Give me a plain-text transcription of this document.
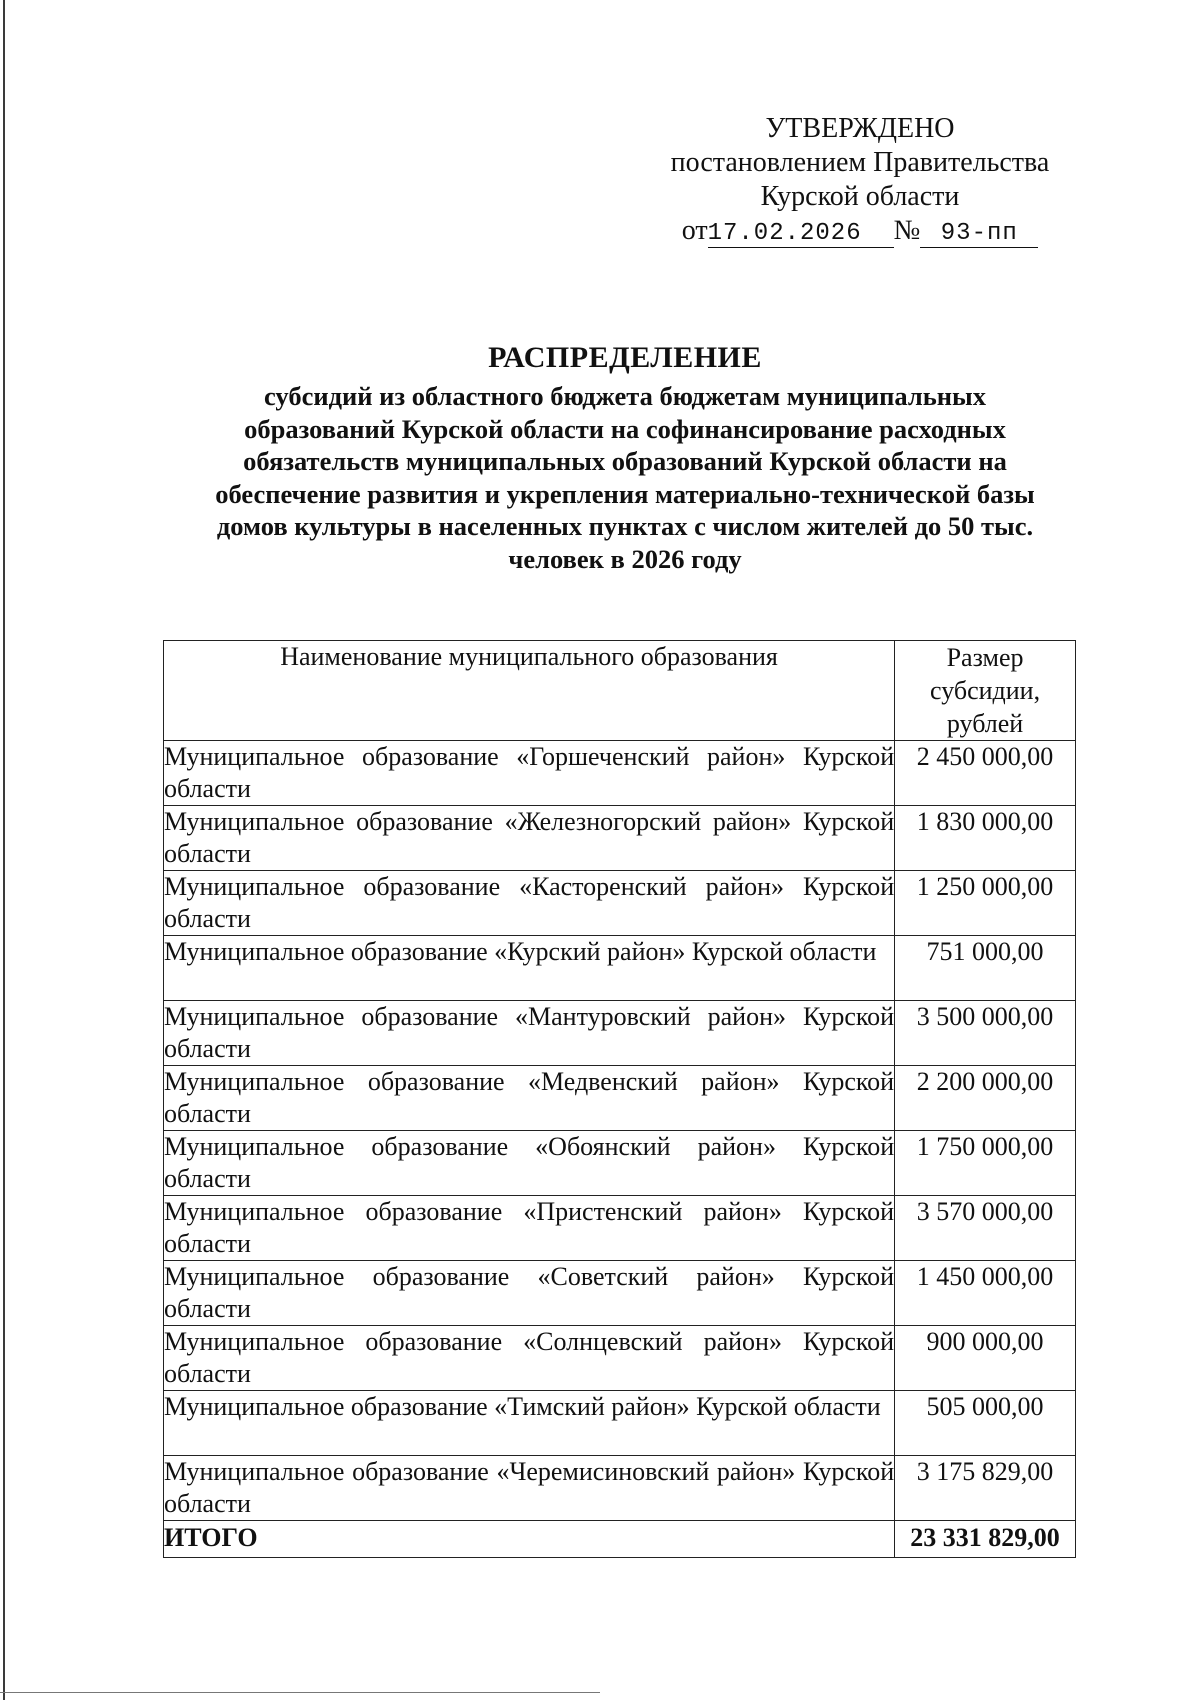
УТВЕРЖДЕНО
постановлением Правительства
Курской области
от17.02.2026 № 93-пп
РАСПРЕДЕЛЕНИЕ
субсидий из областного бюджета бюджетам муниципальных
образований Курской области на софинансирование расходных
обязательств муниципальных образований Курской области на
обеспечение развития и укрепления материально-технической базы
домов культуры в населенных пунктах с числом жителей до 50 тыс.
человек в 2026 году
Наименование муниципального образования	Размер
субсидии,
рублей

Муниципальное образование «Горшеченский район» Курской области	2 450 000,00
Муниципальное образование «Железногорский район» Курской области	1 830 000,00
Муниципальное образование «Касторенский район» Курской области	1 250 000,00
Муниципальное образование «Курский район» Курской области	751 000,00
Муниципальное образование «Мантуровский район» Курской области	3 500 000,00
Муниципальное образование «Медвенский район» Курской области	2 200 000,00
Муниципальное образование «Обоянский район» Курской области	1 750 000,00
Муниципальное образование «Пристенский район» Курской области	3 570 000,00
Муниципальное образование «Советский район» Курской области	1 450 000,00
Муниципальное образование «Солнцевский район» Курской области	900 000,00
Муниципальное образование «Тимский район» Курской области	505 000,00
Муниципальное образование «Черемисиновский район» Курской области	3 175 829,00
ИТОГО	23 331 829,00
